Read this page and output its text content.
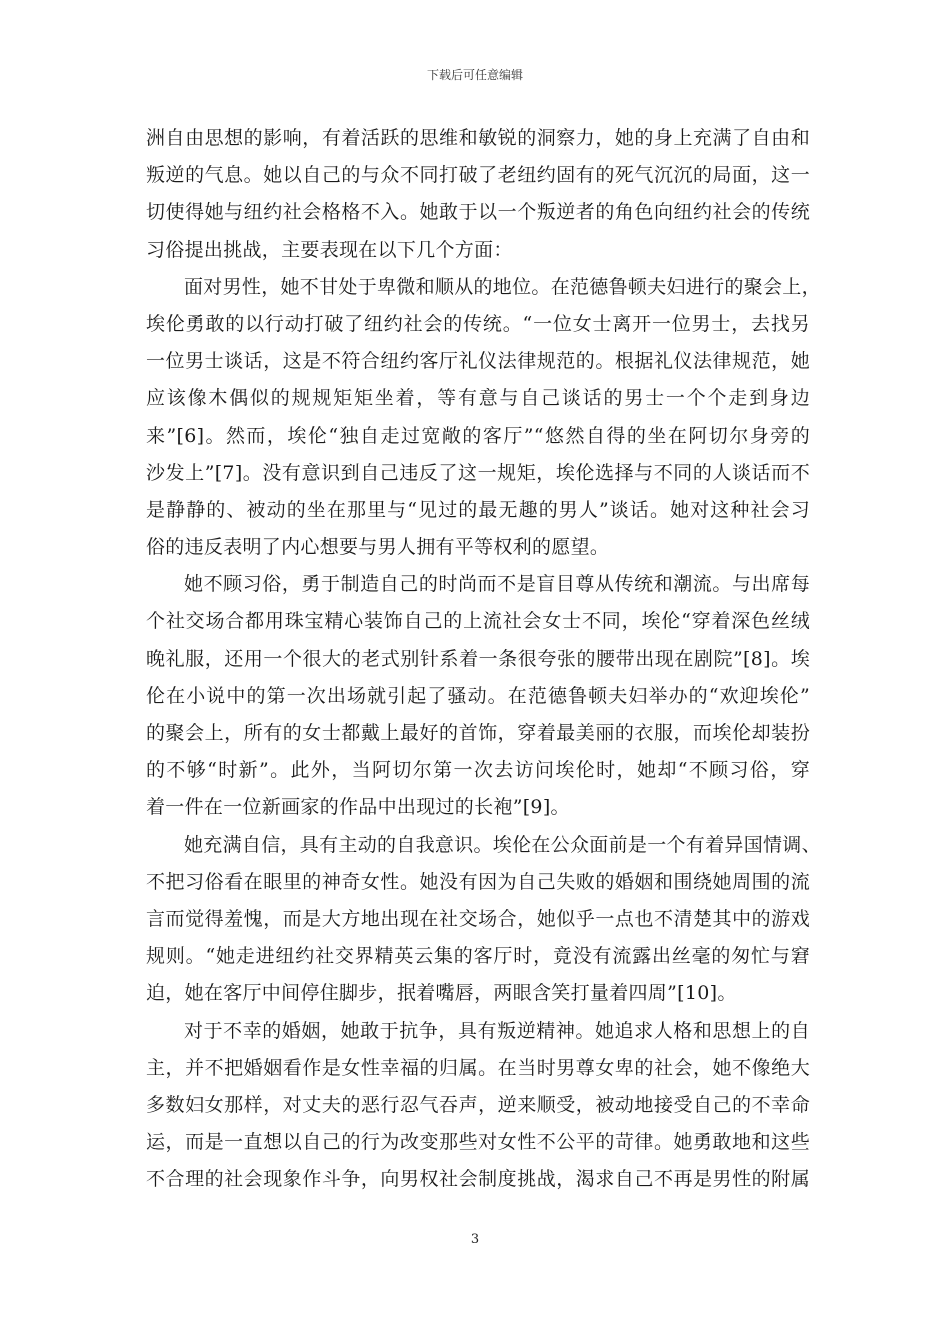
下载后可任意编辑
洲自由思想的影响，有着活跃的思维和敏锐的洞察力，她的身上充满了自由和
叛逆的气息。她以自己的与众不同打破了老纽约固有的死气沉沉的局面，这一
切使得她与纽约社会格格不入。她敢于以一个叛逆者的角色向纽约社会的传统
习俗提出挑战，主要表现在以下几个方面：
面对男性，她不甘处于卑微和顺从的地位。在范德鲁顿夫妇进行的聚会上，
埃伦勇敢的以行动打破了纽约社会的传统。“一位女士离开一位男士，去找另
一位男士谈话，这是不符合纽约客厅礼仪法律规范的。根据礼仪法律规范，她
应该像木偶似的规规矩矩坐着，等有意与自己谈话的男士一个个走到身边
来”[6]。然而，埃伦“独自走过宽敞的客厅”“悠然自得的坐在阿切尔身旁的
沙发上”[7]。没有意识到自己违反了这一规矩，埃伦选择与不同的人谈话而不
是静静的、被动的坐在那里与“见过的最无趣的男人”谈话。她对这种社会习
俗的违反表明了内心想要与男人拥有平等权利的愿望。
她不顾习俗，勇于制造自己的时尚而不是盲目尊从传统和潮流。与出席每
个社交场合都用珠宝精心装饰自己的上流社会女士不同，埃伦“穿着深色丝绒
晚礼服，还用一个很大的老式别针系着一条很夸张的腰带出现在剧院”[8]。埃
伦在小说中的第一次出场就引起了骚动。在范德鲁顿夫妇举办的“欢迎埃伦”
的聚会上，所有的女士都戴上最好的首饰，穿着最美丽的衣服，而埃伦却装扮
的不够“时新”。此外，当阿切尔第一次去访问埃伦时，她却“不顾习俗，穿
着一件在一位新画家的作品中出现过的长袍”[9]。
她充满自信，具有主动的自我意识。埃伦在公众面前是一个有着异国情调、
不把习俗看在眼里的神奇女性。她没有因为自己失败的婚姻和围绕她周围的流
言而觉得羞愧，而是大方地出现在社交场合，她似乎一点也不清楚其中的游戏
规则。“她走进纽约社交界精英云集的客厅时，竟没有流露出丝毫的匆忙与窘
迫，她在客厅中间停住脚步，抿着嘴唇，两眼含笑打量着四周”[10]。
对于不幸的婚姻，她敢于抗争，具有叛逆精神。她追求人格和思想上的自
主，并不把婚姻看作是女性幸福的归属。在当时男尊女卑的社会，她不像绝大
多数妇女那样，对丈夫的恶行忍气吞声，逆来顺受，被动地接受自己的不幸命
运，而是一直想以自己的行为改变那些对女性不公平的苛律。她勇敢地和这些
不合理的社会现象作斗争，向男权社会制度挑战，渴求自己不再是男性的附属
3
